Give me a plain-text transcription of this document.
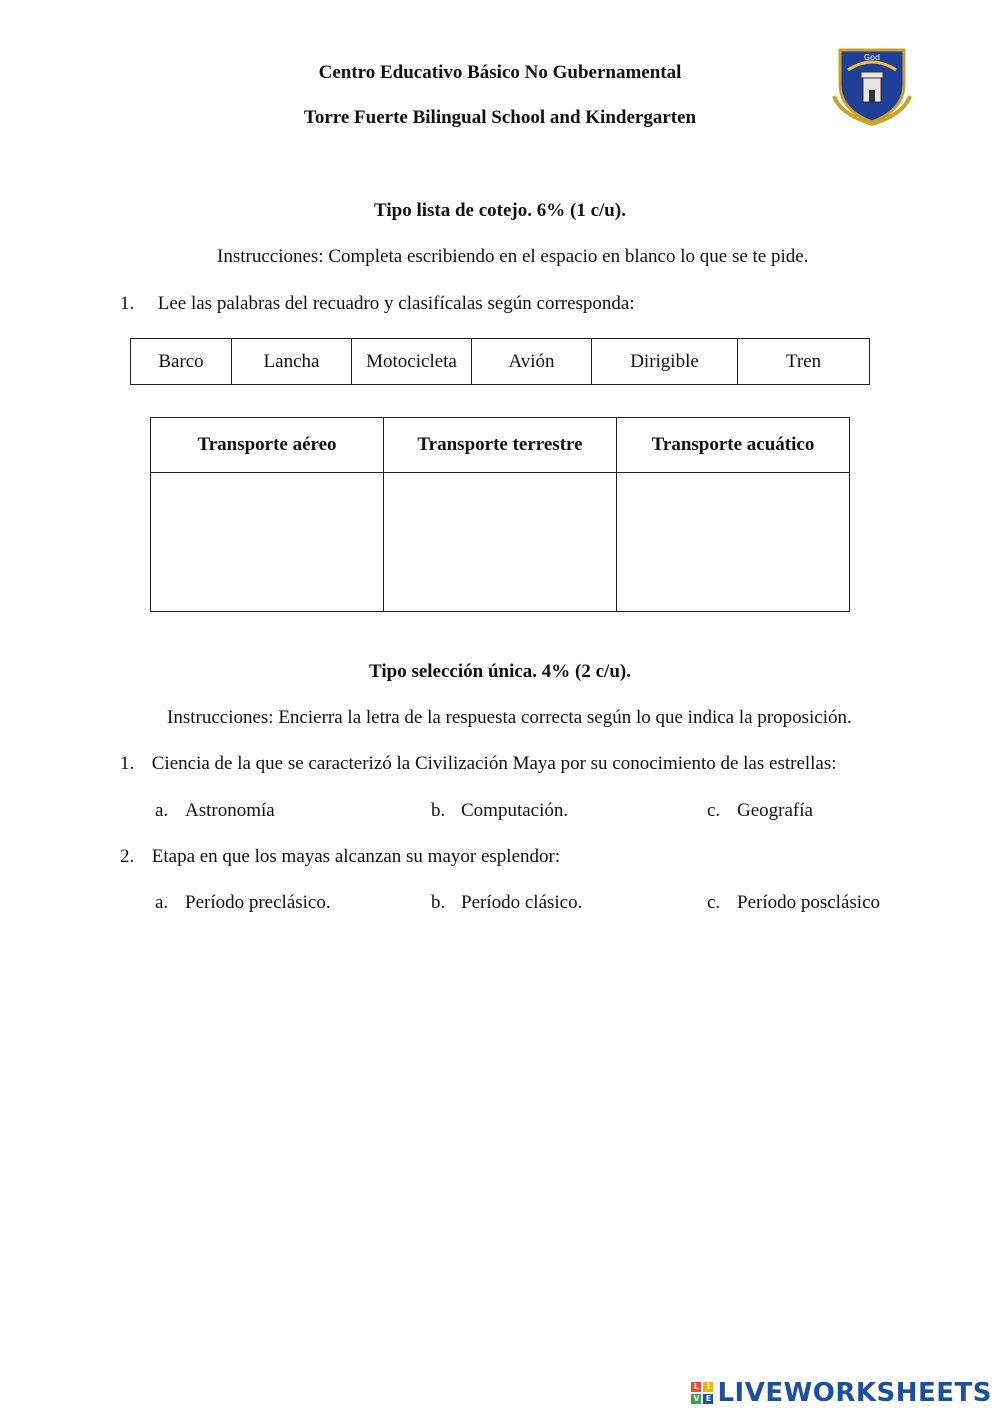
Centro Educativo Básico No Gubernamental
Torre Fuerte Bilingual School and Kindergarten
God
Tipo lista de cotejo. 6% (1 c/u).
Instrucciones: Completa escribiendo en el espacio en blanco lo que se te pide.
1. Lee las palabras del recuadro y clasifícalas según corresponda:
Barco	Lancha	Motocicleta	Avión	Dirigible	Tren
Transporte aéreo	Transporte terrestre	Transporte acuático

Tipo selección única. 4% (2 c/u).
Instrucciones: Encierra la letra de la respuesta correcta según lo que indica la proposición.
1. Ciencia de la que se caracterizó la Civilización Maya por su conocimiento de las estrellas:
a. Astronomía	b. Computación.	c. Geografía
2. Etapa en que los mayas alcanzan su mayor esplendor:
a. Período preclásico.	b. Período clásico.	c. Período posclásico
L I
V E LIVEWORKSHEETS
